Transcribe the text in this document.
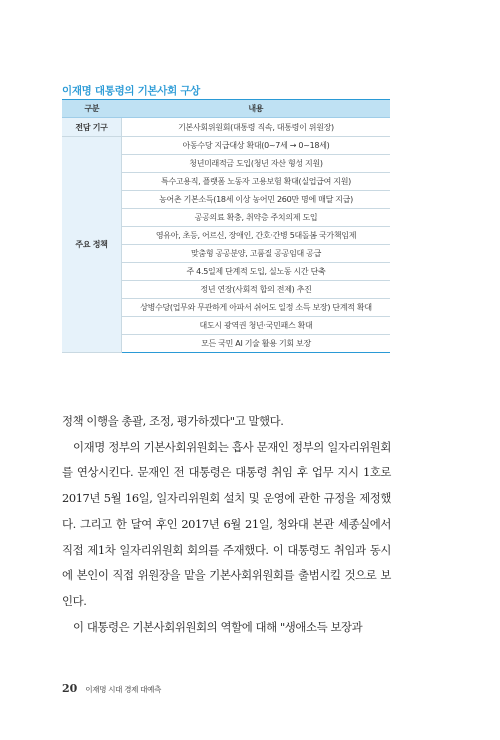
이재명 대통령의 기본사회 구상
구분	내용
전담 기구	기본사회위원회(대통령 직속, 대통령이 위원장)
주요 정책	아동수당 지급대상 확대(0~7세 → 0~18세)
	청년미래적금 도입(청년 자산 형성 지원)
	특수고용직, 플랫폼 노동자 고용보험 확대(실업급여 지원)
	농어촌 기본소득(18세 이상 농어민 260만 명에 매달 지급)
	공공의료 확충, 취약층 주치의제 도입
	영유아, 초등, 어르신, 장애인, 간호·간병 5대돌봄 국가책임제
	맞춤형 공공분양, 고품질 공공임대 공급
	주 4.5일제 단계적 도입, 실노동 시간 단축
	정년 연장(사회적 합의 전제) 추진
	상병수당(업무와 무관하게 아파서 쉬어도 일정 소득 보장) 단계적 확대
	대도시 광역권 청년·국민패스 확대
	모든 국민 AI 기술 활용 기회 보장

정책 이행을 총괄, 조정, 평가하겠다"고 말했다.

이재명 정부의 기본사회위원회는 흡사 문재인 정부의 일자리위원회를 연상시킨다. 문재인 전 대통령은 대통령 취임 후 업무 지시 1호로 2017년 5월 16일, 일자리위원회 설치 및 운영에 관한 규정을 제정했다. 그리고 한 달여 후인 2017년 6월 21일, 청와대 본관 세종실에서 직접 제1차 일자리위원회 회의를 주재했다. 이 대통령도 취임과 동시에 본인이 직접 위원장을 맡을 기본사회위원회를 출범시킬 것으로 보인다.

이 대통령은 기본사회위원회의 역할에 대해 "생애소득 보장과

20 이재명 시대 경제 대예측
